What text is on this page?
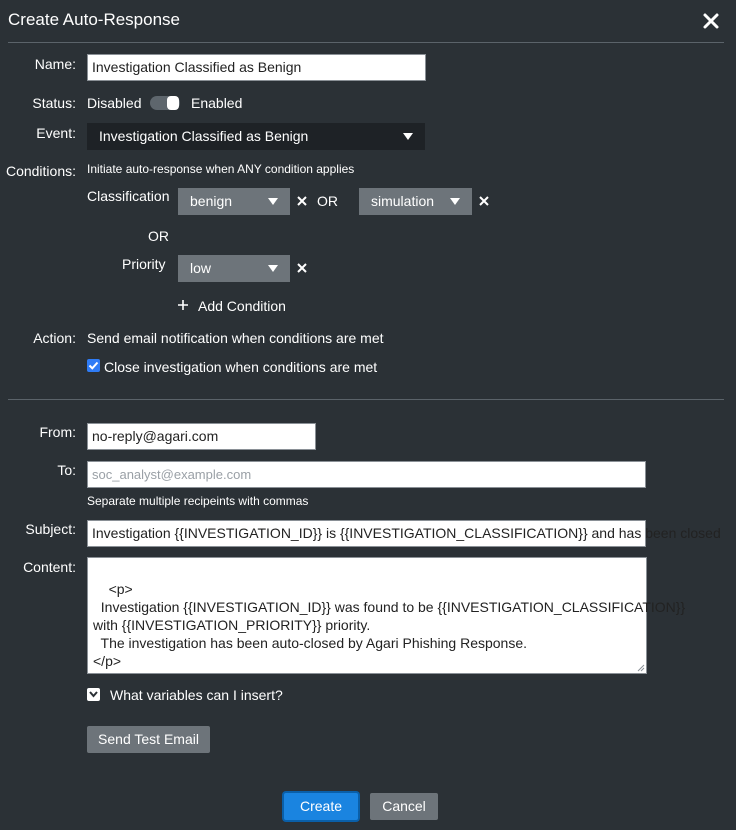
Create Auto-Response
Name:	Investigation Classified as Benign
Status: Disabled	Enabled
Event:	Investigation Classified as Benign
Conditions: Initiate auto-response when ANY condition applies
Classification	benign	OR	simulation
OR
Priority	low
Add Condition
Action: Send email notification when conditions are met
Close investigation when conditions are met
From:	no-reply@agari.com
To:	soc_analyst@example.com
Separate multiple recipeints with commas
Subject:	Investigation {{INVESTIGATION_ID}} is {{INVESTIGATION_CLASSIFICATION}} and has been closed
Content:

<p>
Investigation {{INVESTIGATION_ID}} was found to be {{INVESTIGATION_CLASSIFICATION}}
with {{INVESTIGATION_PRIORITY}} priority.
The investigation has been auto-closed by Agari Phishing Response.
</p>

What variables can I insert?
Send Test Email
Create	Cancel
